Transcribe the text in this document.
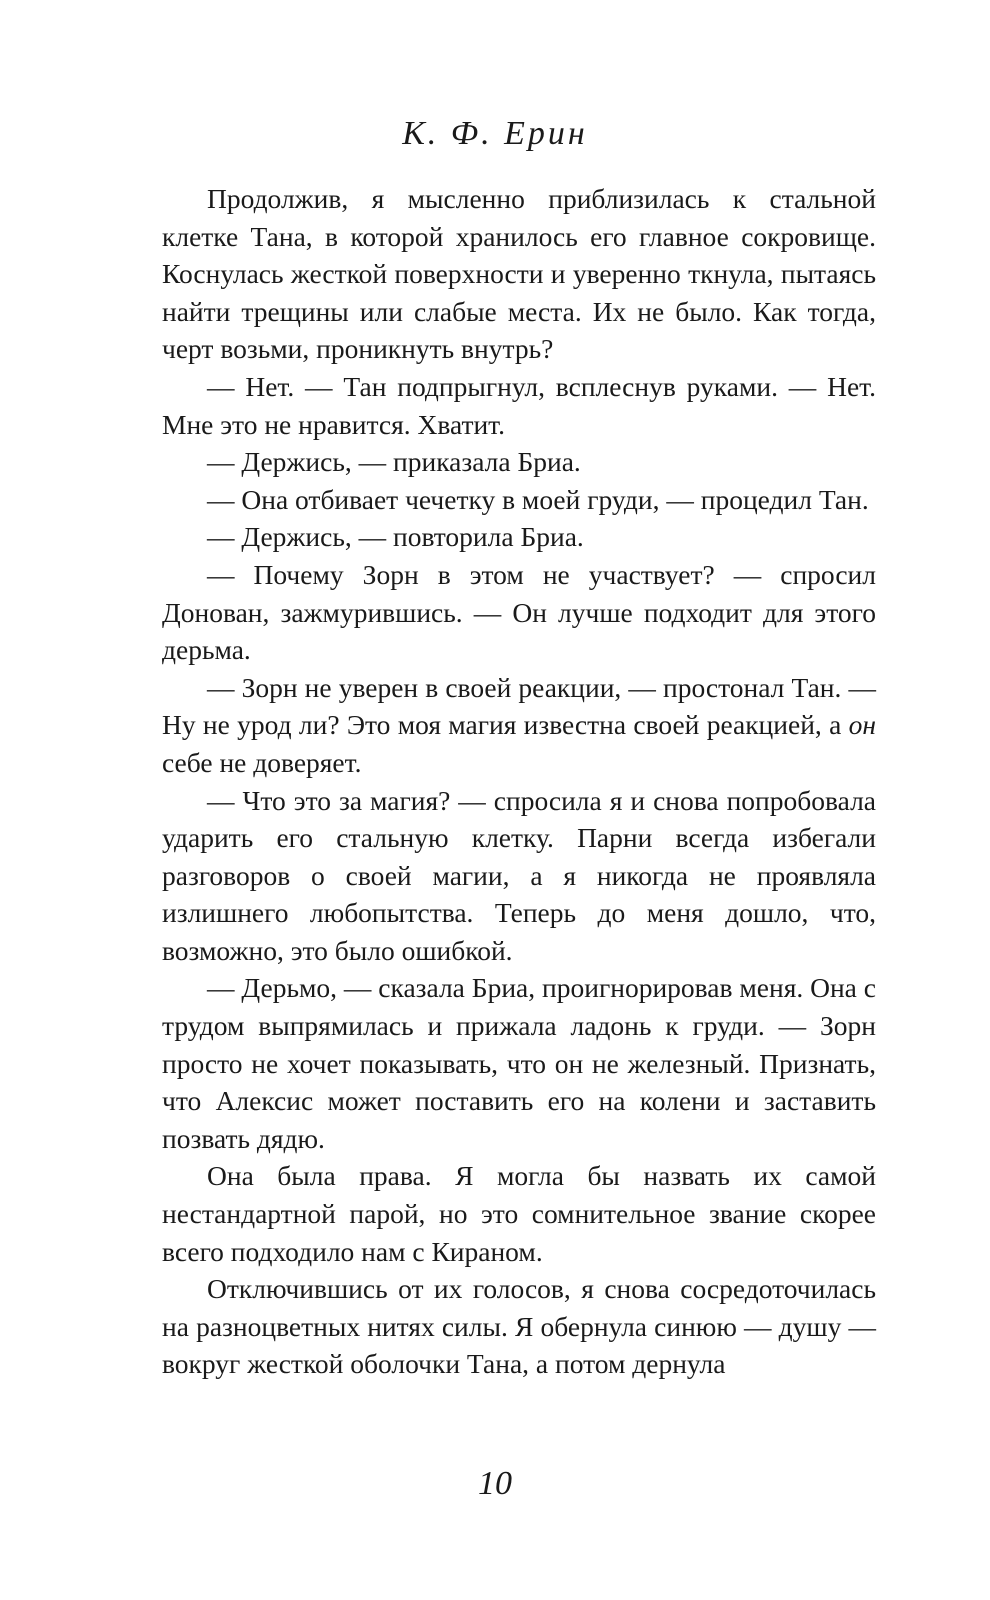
К. Ф. Ерин

Продолжив, я мысленно приблизилась к стальной клетке Тана, в которой хранилось его главное сокровище. Коснулась жесткой поверхности и уверенно ткнула, пытаясь найти трещины или слабые места. Их не было. Как тогда, черт возьми, проникнуть внутрь?

— Нет. — Тан подпрыгнул, всплеснув руками. — Нет. Мне это не нравится. Хватит.

— Держись, — приказала Бриа.

— Она отбивает чечетку в моей груди, — процедил Тан.

— Держись, — повторила Бриа.

— Почему Зорн в этом не участвует? — спросил Донован, зажмурившись. — Он лучше подходит для этого дерьма.

— Зорн не уверен в своей реакции, — простонал Тан. — Ну не урод ли? Это моя магия известна своей реакцией, а он себе не доверяет.

— Что это за магия? — спросила я и снова попробовала ударить его стальную клетку. Парни всегда избегали разговоров о своей магии, а я никогда не проявляла излишнего любопытства. Теперь до меня дошло, что, возможно, это было ошибкой.

— Дерьмо, — сказала Бриа, проигнорировав меня. Она с трудом выпрямилась и прижала ладонь к груди. — Зорн просто не хочет показывать, что он не железный. Признать, что Алексис может поставить его на колени и заставить позвать дядю.

Она была права. Я могла бы назвать их самой нестандартной парой, но это сомнительное звание скорее всего подходило нам с Кираном.

Отключившись от их голосов, я снова сосредоточилась на разноцветных нитях силы. Я обернула синюю — душу — вокруг жесткой оболочки Тана, а потом дернула

10
